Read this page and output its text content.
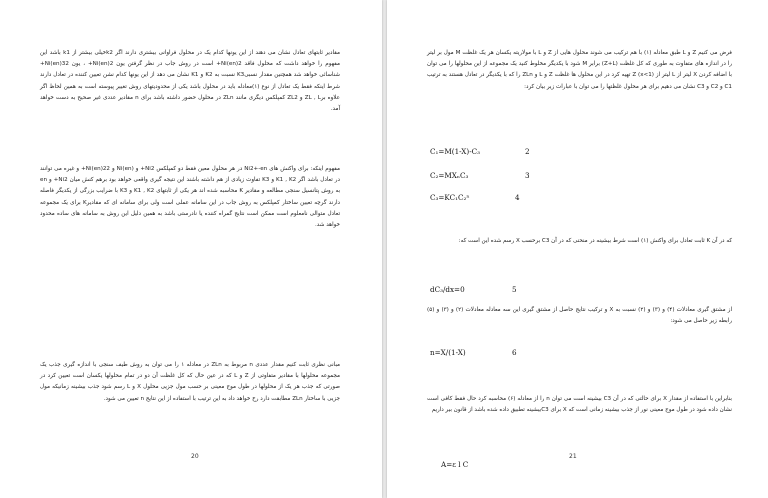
مقادیر ثابتهای تعادل نشان می دهند از این یونها کدام یک در محلول فراوانی بیشتری دارند اگر k2خیلی بیشتر از k1 باشد این مفهوم را خواهد داشت که محلول فاقد Ni(en)2+ است در روش جاب در نظر گرفتن یون Ni(en)2+ ، یون Ni(en)32+ شناسائی خواهد شد همچنین مقدار نسبیK3 نسبت به K2 و K1 نشان می دهد از این یونها کدام نشن تعیین کننده در تعادل دارند شرط اینکه فقط یک تعادل از نوع (۱)معادله باید در محلول باشد یکی از محدودیتهای روش تغییر پیوسته است به همین لحاظ اگر علاوه برZL , L و ZL2 کمپلکس دیگری مانند ZLn در محلول حضور داشته باشد برای n مقادیر عددی غیر صحیح به دست خواهد آمد.
مفهوم اینکه: برای واکنش های Ni2+-en در هر محلول معین فقط دو کمپلکس Ni2+ و Ni(en) و Ni(en)22+ و غیره می توانند در تعادل باشد اگر K1 , K2 و K3 تفاوت زیادی از هم داشته باشند این نتیجه گیری واقعی خواهد بود برهم کنش میان Ni2+ و en به روش پتانسیل سنجی مطالعه و مقادیر K محاسبه شده اند هر یکی از ثابتهای K1 , K2 و K3 با ضرایب بزرگی از یکدیگر فاصله دارند گرچه تعیین ساختار کمپلکس به روش جاب در این سامانه عملی است ولی برای سامانه ای که مقادیرK برای یک مجموعه تعادل متوالی نامعلوم است ممکن است نتایج گمراه کننده یا نادرستی باشد به همین دلیل این روش به سامانه های ساده محدود خواهد شد.
مبانی نظری ثابت کنیم مقدار عددی n مربوط به ZLn در معادله ۱ را می توان به روش طیف سنجی با اندازه گیری جذب یک مجموعه محلولها با مقادیر متفاوتی از Z و L که در عین حال که کل غلظت آن دو در تمام محلولها یکسان است تعیین کرد در صورتی که جذب هر یک از محلولها در طول موج معینی بر حسب مول جزیی محلول X و L رسم شود جذب بیشینه زمانیکه مول جزیی با ساختار ZLn مطابقت دارد رخ خواهد داد به این ترتیب با استفاده از این نتایج n تعیین می شود.
20
فرض می کنیم Z و L طبق معادله (۱) با هم ترکیب می شوند محلول هایی از Z و L با مولاریته یکسان هر یک غلظت M مول بر لیتر را در اندازه های متفاوت به طوری که کل غلظت (Z+L) برابر M شود با یکدیگر مخلوط کنید یک مجموعه از این محلولها را می توان با اضافه کردن X لیتر از L لیتر از Z (x<1) تهیه کرد در این محلول ها غلظت Z و L و ZLn را که با یکدیگر در تعادل هستند به ترتیب C1 و C2 و C3 نشان می دهیم برای هر محلول غلظتها را می توان با عبارات زیر بیان کرد:
C₁=M(1-X)-C₃	2
C₂=MXₙC₃	3
C₃=KC₁C₂ⁿ	4
که در آن K ثابت تعادل برای واکنش (۱) است شرط بیشینه در منحنی که در آن C3 برحسب X رسم شده این است که:
dC₃/dx=0	5
از مشتق گیری معادلات (۴) و (۳) و (۲) نسبت به X و ترکیب نتایج حاصل از مشتق گیری این سه معادله معادلات (۲) و (۳) و (۵) رابطه زیر حاصل می شود:
n=X/(1-X)	6
بنابراین با استفاده از مقدار X برای حالتی که در آن C3 بیشینه است می توان n را از معادله (۶) محاسبه کرد حال فقط کافی است نشان داده شود در طول موج معینی نور از جذب بیشینه زمانی است که X برای C3بیشینه تطبیق داده شده باشد از قانون بیر داریم
21
A=ε l C
